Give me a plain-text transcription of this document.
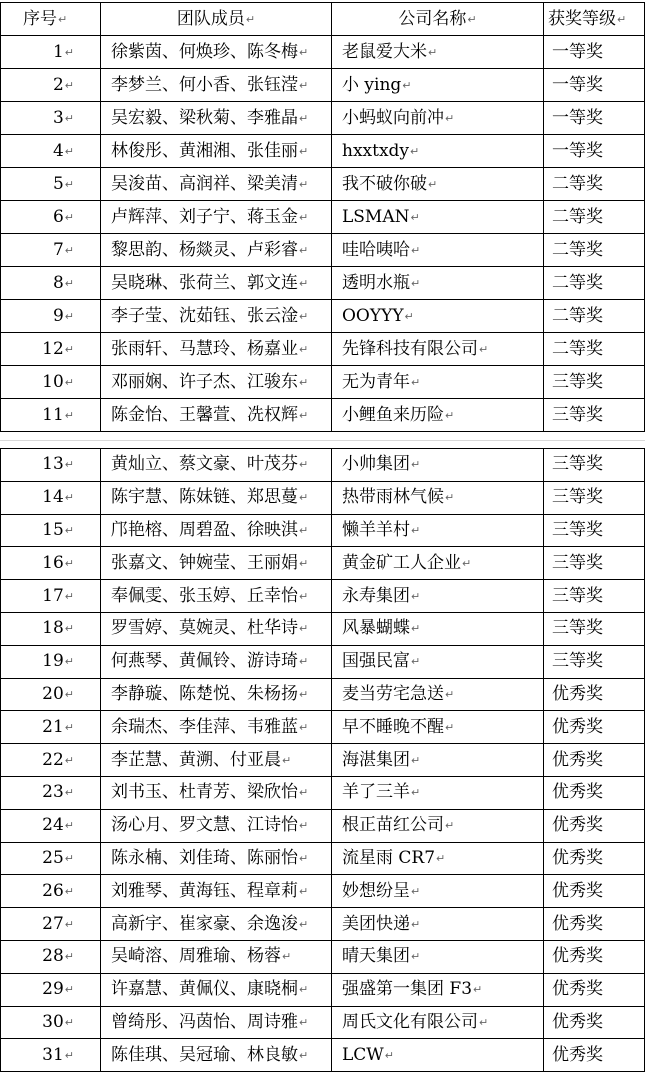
序号↵	团队成员↵	公司名称↵	获奖等级↵
1↵	徐紫茵、何焕珍、陈冬梅↵	老鼠爱大米↵	一等奖
2↵	李梦兰、何小香、张钰滢↵	小 ying↵	一等奖
3↵	吴宏毅、梁秋菊、李雅晶↵	小蚂蚁向前冲↵	一等奖
4↵	林俊彤、黄湘湘、张佳丽↵	hxxtxdy↵	一等奖
5↵	吴浚苗、高润祥、梁美清↵	我不破你破↵	二等奖
6↵	卢辉萍、刘子宁、蒋玉金↵	LSMAN↵	二等奖
7↵	黎思韵、杨燚灵、卢彩睿↵	哇哈咦哈↵	二等奖
8↵	吴晓琳、张荷兰、郭文连↵	透明水瓶↵	二等奖
9↵	李子莹、沈茹钰、张云淦↵	OOYYY↵	二等奖
12↵	张雨轩、马慧玲、杨嘉业↵	先锋科技有限公司↵	二等奖
10↵	邓丽娴、许子杰、江骏东↵	无为青年↵	三等奖
11↵	陈金怡、王馨萱、冼权辉↵	小鲤鱼来历险↵	三等奖
13↵	黄灿立、蔡文豪、叶茂芬↵	小帅集团↵	三等奖
14↵	陈宇慧、陈妹链、郑思蔓↵	热带雨林气候↵	三等奖
15↵	邝艳榕、周碧盈、徐映淇↵	懒羊羊村↵	三等奖
16↵	张嘉文、钟婉莹、王丽娟↵	黄金矿工人企业↵	三等奖
17↵	奉佩雯、张玉婷、丘幸怡↵	永寿集团↵	三等奖
18↵	罗雪婷、莫婉灵、杜华诗↵	风暴蝴蝶↵	三等奖
19↵	何燕琴、黄佩铃、游诗琦↵	国强民富↵	三等奖
20↵	李静璇、陈楚悦、朱杨扬↵	麦当劳宅急送↵	优秀奖
21↵	余瑞杰、李佳萍、韦雅蓝↵	早不睡晚不醒↵	优秀奖
22↵	李芷慧、黄溯、付亚晨↵	海湛集团↵	优秀奖
23↵	刘书玉、杜青芳、梁欣怡↵	羊了三羊↵	优秀奖
24↵	汤心月、罗文慧、江诗怡↵	根正苗红公司↵	优秀奖
25↵	陈永楠、刘佳琦、陈丽怡↵	流星雨 CR7↵	优秀奖
26↵	刘雅琴、黄海钰、程章莉↵	妙想纷呈↵	优秀奖
27↵	高新宇、崔家豪、余逸浚↵	美团快递↵	优秀奖
28↵	吴崎溶、周雅瑜、杨蓉↵	晴天集团↵	优秀奖
29↵	许嘉慧、黄佩仪、康晓桐↵	强盛第一集团 F3↵	优秀奖
30↵	曾绮彤、冯茵怡、周诗雅↵	周氏文化有限公司↵	优秀奖
31↵	陈佳琪、吴冠瑜、林良敏↵	LCW↵	优秀奖
